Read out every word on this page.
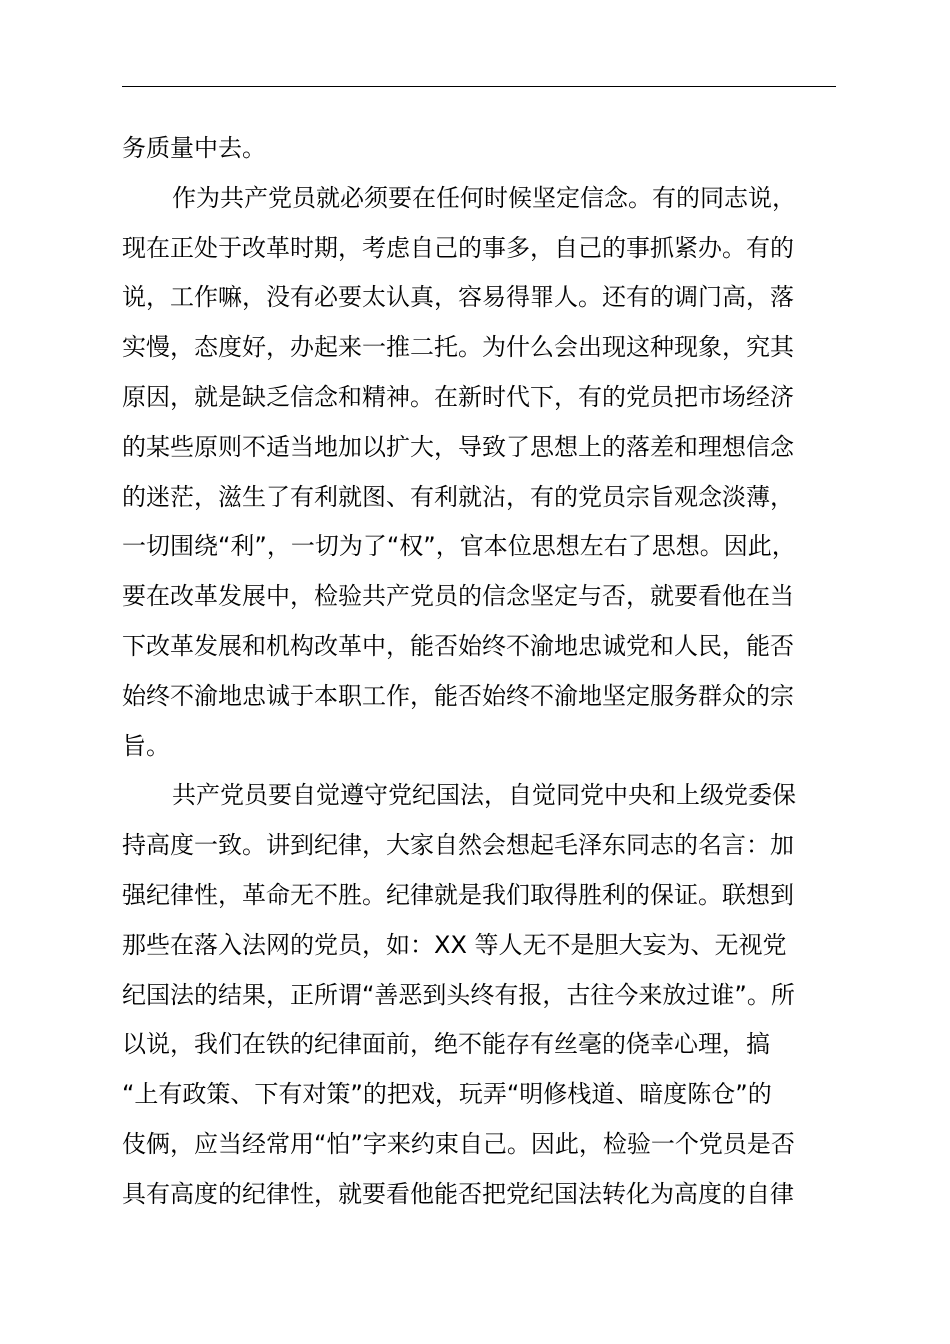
务质量中去。
作为共产党员就必须要在任何时候坚定信念。有的同志说，
现在正处于改革时期，考虑自己的事多，自己的事抓紧办。有的
说，工作嘛，没有必要太认真，容易得罪人。还有的调门高，落
实慢，态度好，办起来一推二托。为什么会出现这种现象，究其
原因，就是缺乏信念和精神。在新时代下，有的党员把市场经济
的某些原则不适当地加以扩大，导致了思想上的落差和理想信念
的迷茫，滋生了有利就图、有利就沾，有的党员宗旨观念淡薄，
一切围绕“利”，一切为了“权”，官本位思想左右了思想。因此，
要在改革发展中，检验共产党员的信念坚定与否，就要看他在当
下改革发展和机构改革中，能否始终不渝地忠诚党和人民，能否
始终不渝地忠诚于本职工作，能否始终不渝地坚定服务群众的宗
旨。
共产党员要自觉遵守党纪国法，自觉同党中央和上级党委保
持高度一致。讲到纪律，大家自然会想起毛泽东同志的名言：加
强纪律性，革命无不胜。纪律就是我们取得胜利的保证。联想到
那些在落入法网的党员，如：XX 等人无不是胆大妄为、无视党
纪国法的结果，正所谓“善恶到头终有报，古往今来放过谁”。所
以说，我们在铁的纪律面前，绝不能存有丝毫的侥幸心理，搞
“上有政策、下有对策”的把戏，玩弄“明修栈道、暗度陈仓”的
伎俩，应当经常用“怕”字来约束自己。因此，检验一个党员是否
具有高度的纪律性，就要看他能否把党纪国法转化为高度的自律
